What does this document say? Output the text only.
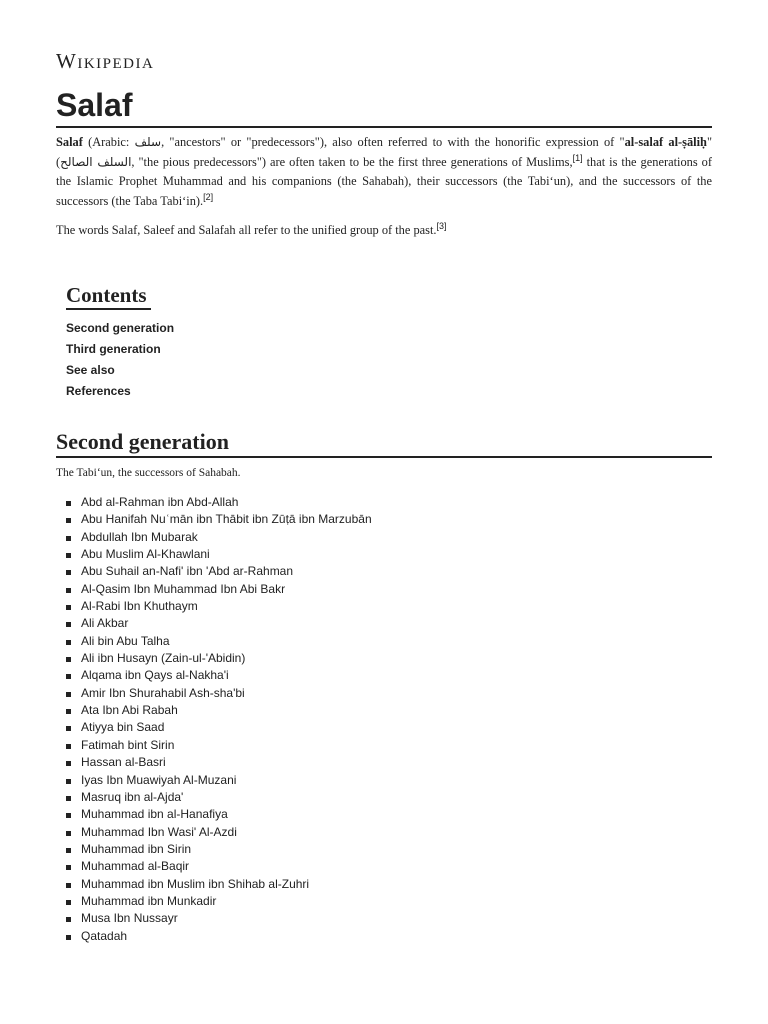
Wikipedia
Salaf

Salaf (Arabic: سلف, "ancestors" or "predecessors"), also often referred to with the honorific expression of "al-salaf al-ṣāliḥ" (السلف الصالح, "the pious predecessors") are often taken to be the first three generations of Muslims,[1] that is the generations of the Islamic Prophet Muhammad and his companions (the Sahabah), their successors (the Tabi‘un), and the successors of the successors (the Taba Tabi‘in).[2]

The words Salaf, Saleef and Salafah all refer to the unified group of the past.[3]

Contents
Second generation
Third generation
See also
References
Second generation

The Tabi‘un, the successors of Sahabah.

Abd al-Rahman ibn Abd-Allah
Abu Hanifah Nuʿmān ibn Thābit ibn Zūṭā ibn Marzubān
Abdullah Ibn Mubarak
Abu Muslim Al-Khawlani
Abu Suhail an-Nafi' ibn 'Abd ar-Rahman
Al-Qasim Ibn Muhammad Ibn Abi Bakr
Al-Rabi Ibn Khuthaym
Ali Akbar
Ali bin Abu Talha
Ali ibn Husayn (Zain-ul-'Abidin)
Alqama ibn Qays al-Nakha'i
Amir Ibn Shurahabil Ash-sha'bi
Ata Ibn Abi Rabah
Atiyya bin Saad
Fatimah bint Sirin
Hassan al-Basri
Iyas Ibn Muawiyah Al-Muzani
Masruq ibn al-Ajda'
Muhammad ibn al-Hanafiya
Muhammad Ibn Wasi' Al-Azdi
Muhammad ibn Sirin
Muhammad al-Baqir
Muhammad ibn Muslim ibn Shihab al-Zuhri
Muhammad ibn Munkadir
Musa Ibn Nussayr
Qatadah
